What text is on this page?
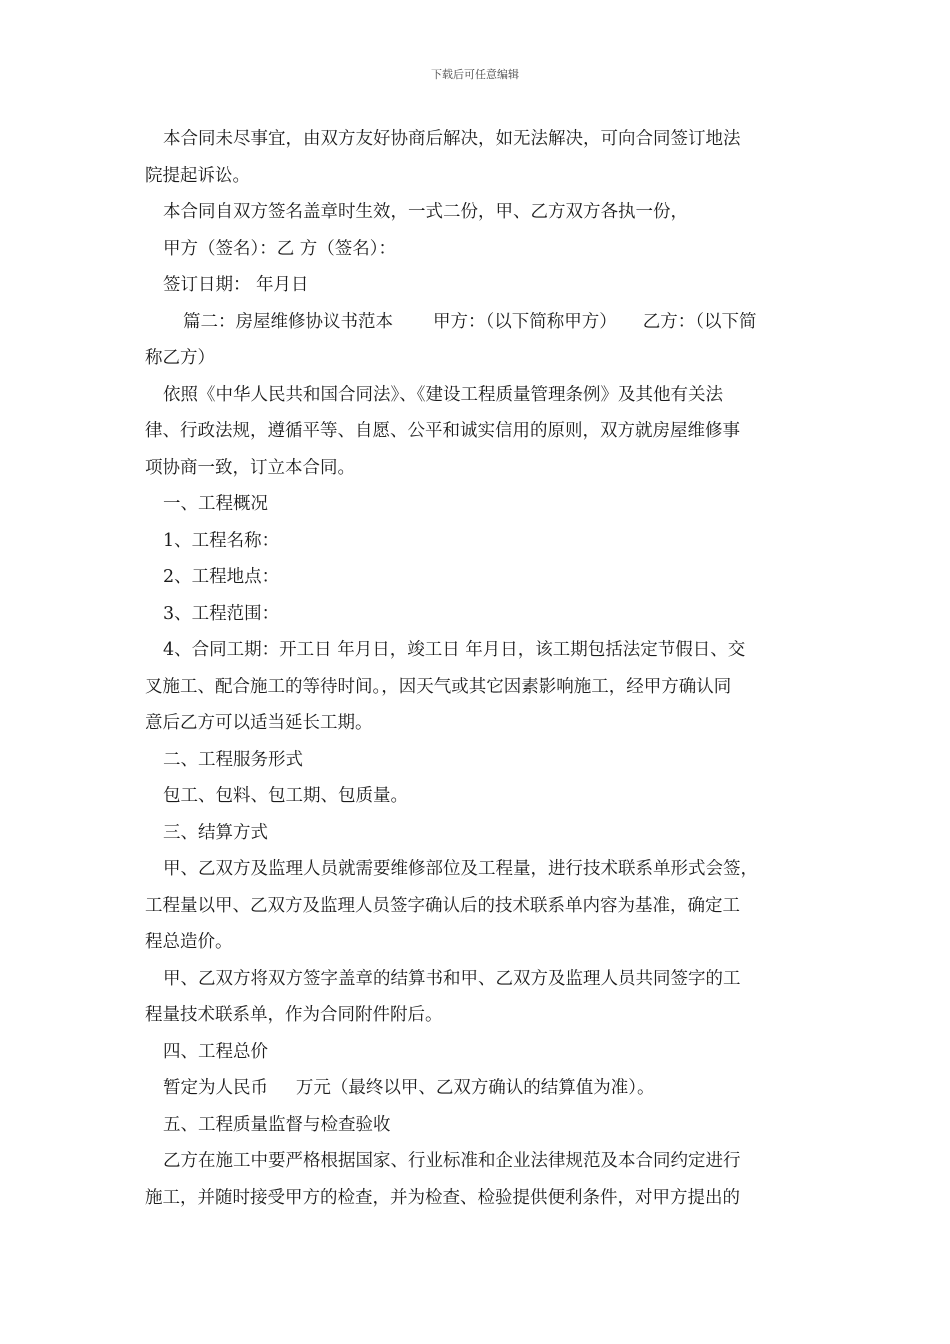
下载后可任意编辑
本合同未尽事宜，由双方友好协商后解决，如无法解决，可向合同签订地法
院提起诉讼。
本合同自双方签名盖章时生效，一式二份，甲、乙方双方各执一份，
甲方（签名）：乙 方（签名）：
签订日期： 年月日
篇二：房屋维修协议书范本 甲方：（以下简称甲方） 乙方：（以下简
称乙方）
依照《中华人民共和国合同法》、《建设工程质量管理条例》及其他有关法
律、行政法规，遵循平等、自愿、公平和诚实信用的原则，双方就房屋维修事
项协商一致，订立本合同。
一、工程概况
1、工程名称：
2、工程地点：
3、工程范围：
4、合同工期：开工日 年月日，竣工日 年月日，该工期包括法定节假日、交
叉施工、配合施工的等待时间。，因天气或其它因素影响施工，经甲方确认同
意后乙方可以适当延长工期。
二、工程服务形式
包工、包料、包工期、包质量。
三、结算方式
甲、乙双方及监理人员就需要维修部位及工程量，进行技术联系单形式会签，
工程量以甲、乙双方及监理人员签字确认后的技术联系单内容为基准，确定工
程总造价。
甲、乙双方将双方签字盖章的结算书和甲、乙双方及监理人员共同签字的工
程量技术联系单，作为合同附件附后。
四、工程总价
暂定为人民币     万元（最终以甲、乙双方确认的结算值为准）。
五、工程质量监督与检查验收
乙方在施工中要严格根据国家、行业标准和企业法律规范及本合同约定进行
施工，并随时接受甲方的检查，并为检查、检验提供便利条件，对甲方提出的
